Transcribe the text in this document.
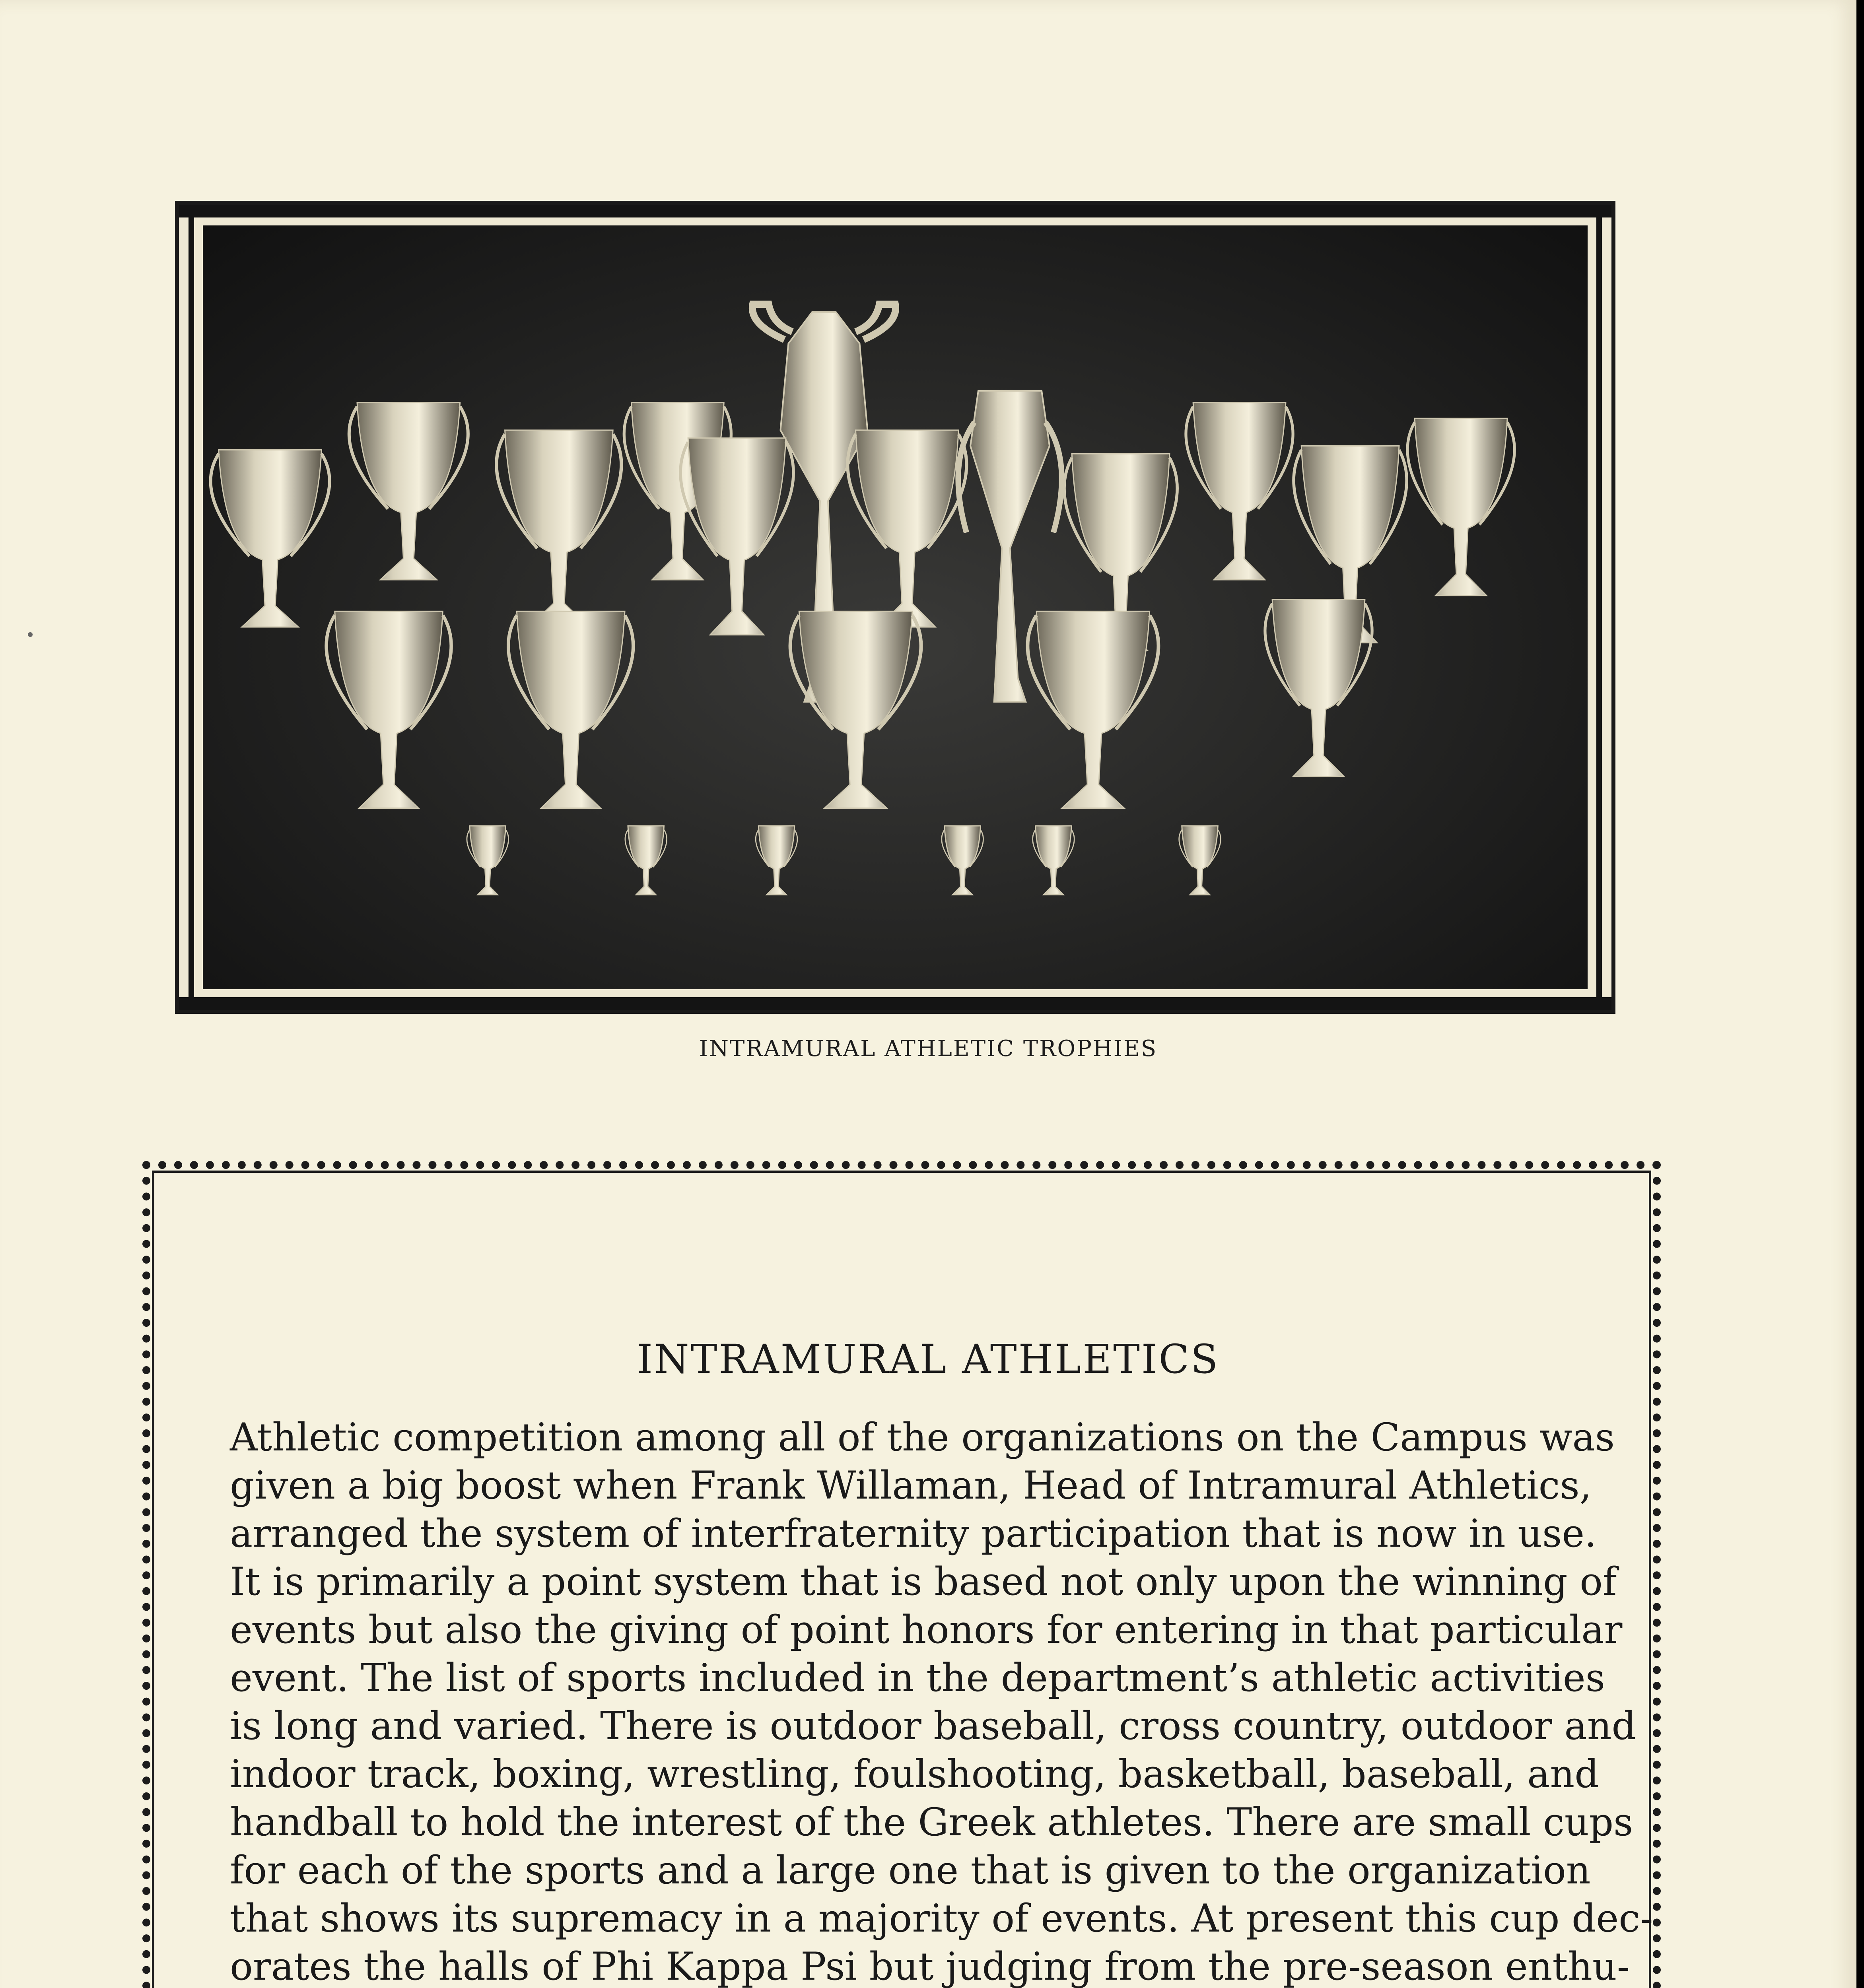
INTRAMURAL ATHLETIC TROPHIES
INTRAMURAL ATHLETICS

Athletic competition among all of the organizations on the Campus was
given a big boost when Frank Willaman, Head of Intramural Athletics,
arranged the system of interfraternity participation that is now in use.
It is primarily a point system that is based not only upon the winning of
events but also the giving of point honors for entering in that particular
event. The list of sports included in the department’s athletic activities
is long and varied. There is outdoor baseball, cross country, outdoor and
indoor track, boxing, wrestling, foulshooting, basketball, baseball, and
handball to hold the interest of the Greek athletes. There are small cups
for each of the sports and a large one that is given to the organization
that shows its supremacy in a majority of events. At present this cup dec-
orates the halls of Phi Kappa Psi but judging from the pre-season enthu-
